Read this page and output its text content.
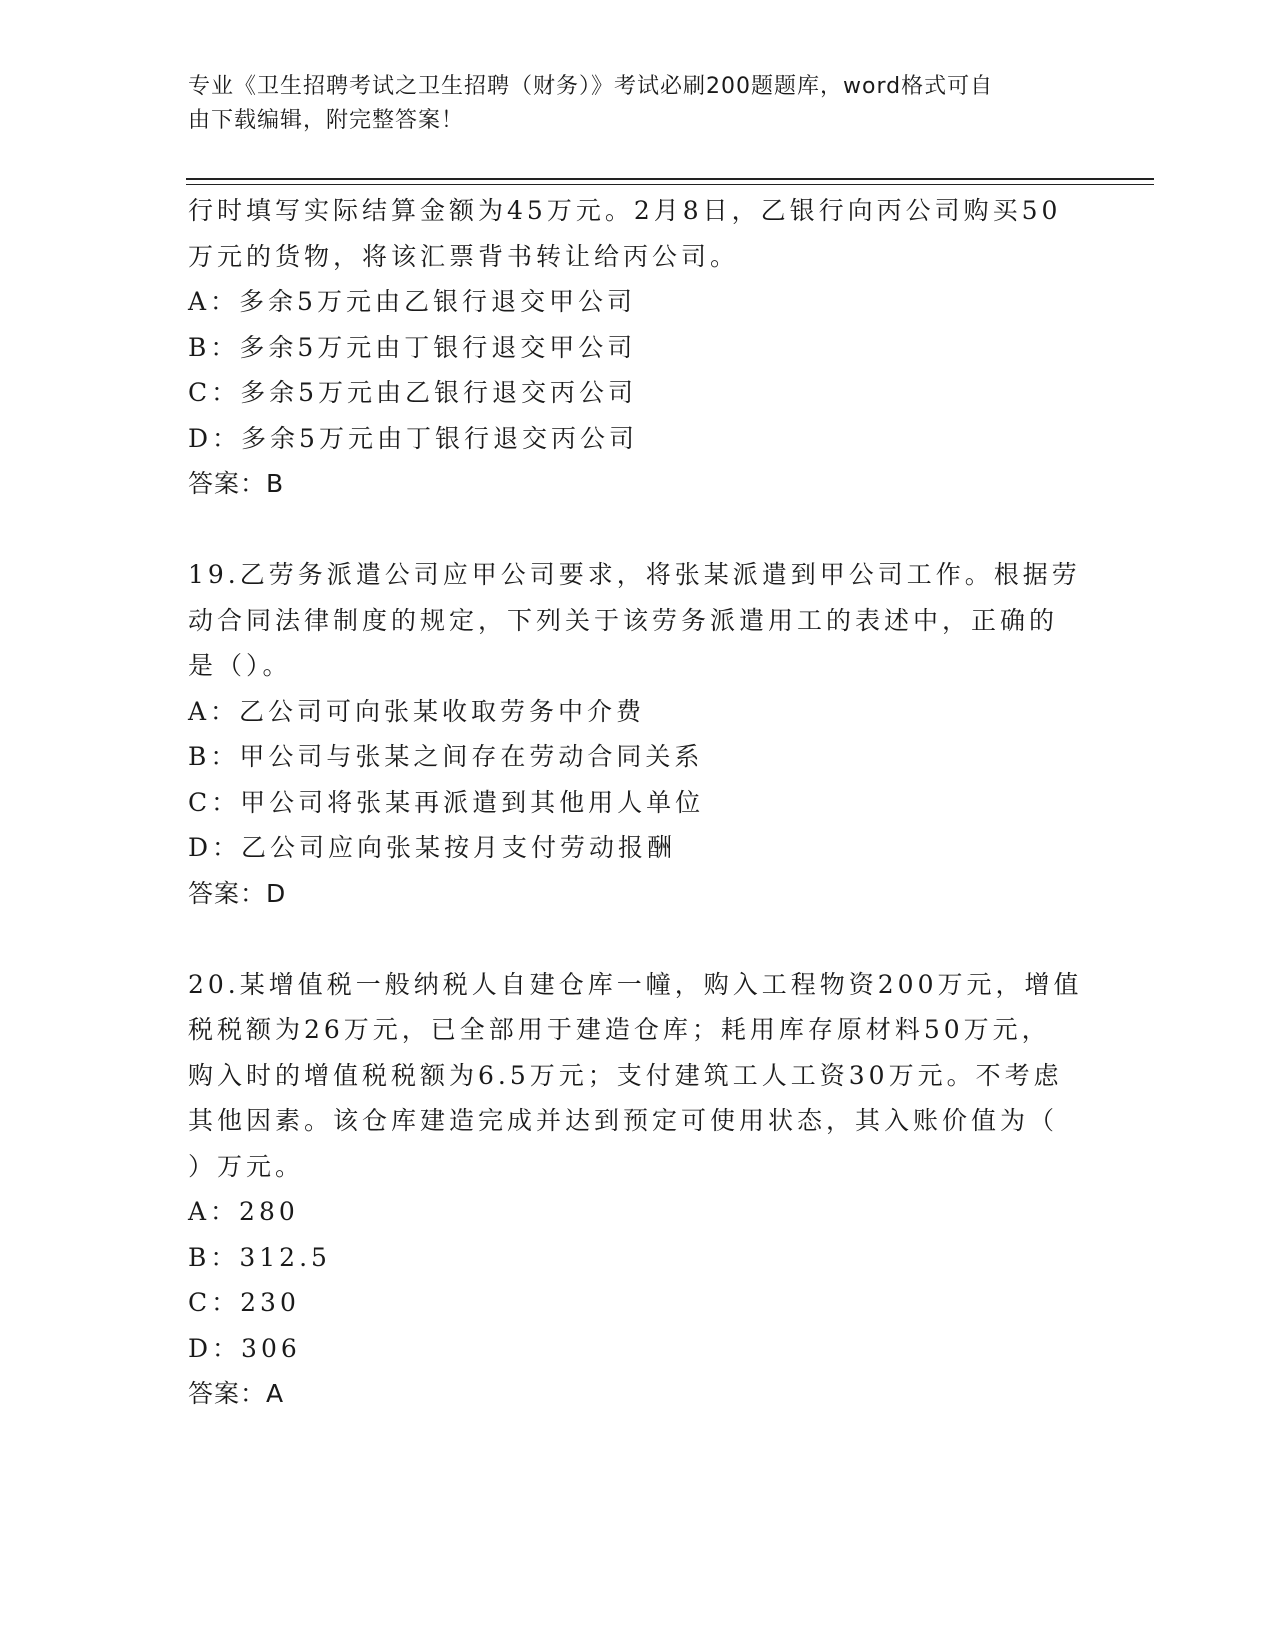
专业《卫生招聘考试之卫生招聘（财务）》考试必刷200题题库，word格式可自
由下载编辑，附完整答案！
行时填写实际结算金额为45万元。2月8日，乙银行向丙公司购买50
万元的货物，将该汇票背书转让给丙公司。
A：多余5万元由乙银行退交甲公司
B：多余5万元由丁银行退交甲公司
C：多余5万元由乙银行退交丙公司
D：多余5万元由丁银行退交丙公司
答案：B
19.乙劳务派遣公司应甲公司要求，将张某派遣到甲公司工作。根据劳
动合同法律制度的规定，下列关于该劳务派遣用工的表述中，正确的
是（）。
A：乙公司可向张某收取劳务中介费
B：甲公司与张某之间存在劳动合同关系
C：甲公司将张某再派遣到其他用人单位
D：乙公司应向张某按月支付劳动报酬
答案：D
20.某增值税一般纳税人自建仓库一幢，购入工程物资200万元，增值
税税额为26万元，已全部用于建造仓库；耗用库存原材料50万元，
购入时的增值税税额为6.5万元；支付建筑工人工资30万元。不考虑
其他因素。该仓库建造完成并达到预定可使用状态，其入账价值为（
）万元。
A：280
B：312.5
C：230
D：306
答案：A
